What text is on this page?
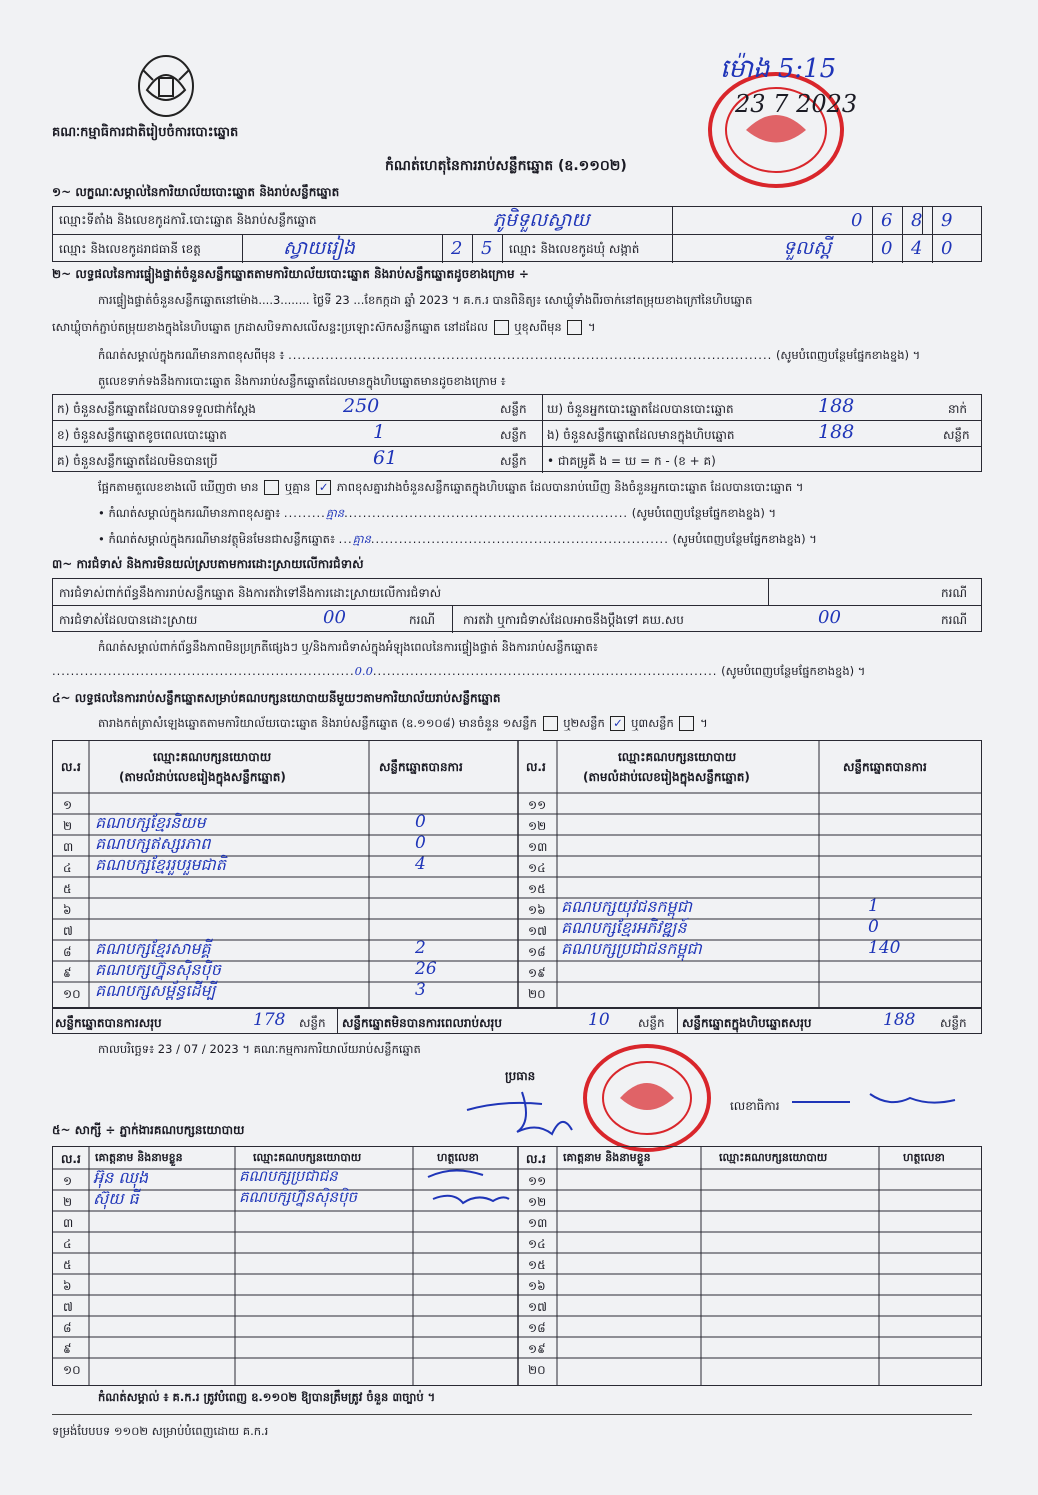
គណៈកម្មាធិការជាតិរៀបចំការបោះឆ្នោត
ម៉ោង 5:15
23 7 2023
កំណត់ហេតុនៃការរាប់សន្លឹកឆ្នោត (ឧ.១១០២)
១~ លក្ខណៈសម្គាល់នៃការិយាល័យបោះឆ្នោត និងរាប់សន្លឹកឆ្នោត
ឈ្មោះទីតាំង និងលេខកូដការិ.បោះឆ្នោត និងរាប់សន្លឹកឆ្នោត	ភូមិទួលស្វាយ	0 6 8 9
ឈ្មោះ និងលេខកូដរាជធានី ខេត្ត	ស្វាយរៀង	2 5 ឈ្មោះ និងលេខកូដឃុំ សង្កាត់	ទួលស្តី	0 4 0
២~ លទ្ធផលនៃការផ្ទៀងផ្ទាត់ចំនួនសន្លឹកឆ្នោតតាមការិយាល័យបោះឆ្នោត និងរាប់សន្លឹកឆ្នោតដូចខាងក្រោម ÷
ការផ្ទៀងផ្ទាត់ចំនួនសន្លឹកឆ្នោតនៅម៉ោង....3........ ថ្ងៃទី 23 ...ខែកក្កដា ឆ្នាំ 2023 ។ គ.ក.រ បានពិនិត្យ៖ សោឃ្លុំទាំងពីរចាក់នៅតម្រុយខាងក្រៅនៃហិបឆ្នោត
សោឃ្លុំចាក់ភ្ជាប់តម្រុយខាងក្នុងនៃហិបឆ្នោត ក្រដាសបិទភាសលើសន្ទះប្រឡោះស៊កសន្លឹកឆ្នោត នៅដដែល ឬខុសពីមុន  ។
កំណត់សម្គាល់ក្នុងករណីមានភាពខុសពីមុន ៖ ........................................................................................................ (សូមបំពេញបន្ថែមផ្នែកខាងខ្នង) ។
តួលេខទាក់ទងនឹងការបោះឆ្នោត និងការរាប់សន្លឹកឆ្នោតដែលមានក្នុងហិបឆ្នោតមានដូចខាងក្រោម ៖
ក) ចំនួនសន្លឹកឆ្នោតដែលបានទទួលជាក់ស្តែង	250	សន្លឹក ឃ) ចំនួនអ្នកបោះឆ្នោតដែលបានបោះឆ្នោត	188	នាក់
ខ) ចំនួនសន្លឹកឆ្នោតខូចពេលបោះឆ្នោត	1	សន្លឹក ង) ចំនួនសន្លឹកឆ្នោតដែលមានក្នុងហិបឆ្នោត	188	សន្លឹក
គ) ចំនួនសន្លឹកឆ្នោតដែលមិនបានប្រើ	61	សន្លឹក • ជាគម្រូគឺ ង = ឃ = ក - (ខ + គ)
ផ្អែកតាមតួលេខខាងលើ ឃើញថា មាន ឬគ្មាន ✓ ភាពខុសគ្នារវាងចំនួនសន្លឹកឆ្នោតក្នុងហិបឆ្នោត ដែលបានរាប់ឃើញ និងចំនួនអ្នកបោះឆ្នោត ដែលបានបោះឆ្នោត ។
• កំណត់សម្គាល់ក្នុងករណីមានភាពខុសគ្នា៖ .........គ្មាន............................................................. (សូមបំពេញបន្ថែមផ្នែកខាងខ្នង) ។
• កំណត់សម្គាល់ក្នុងករណីមានវត្ថុមិនមែនជាសន្លឹកឆ្នោត៖ ...គ្មាន................................................................ (សូមបំពេញបន្ថែមផ្នែកខាងខ្នង) ។
៣~ ការជំទាស់ និងការមិនយល់ស្របតាមការដោះស្រាយលើការជំទាស់
ការជំទាស់ពាក់ព័ន្ធនឹងការរាប់សន្លឹកឆ្នោត និងការតវ៉ាទៅនឹងការដោះស្រាយលើការជំទាស់	ករណី
ការជំទាស់ដែលបានដោះស្រាយ	00	ករណី ការតវ៉ា ឬការជំទាស់ដែលអាចនឹងប្តឹងទៅ គឃ.សប	00	ករណី
កំណត់សម្គាល់ពាក់ព័ន្ធនឹងភាពមិនប្រក្រតីផ្សេងៗ ឬ/និងការជំទាស់ក្នុងអំឡុងពេលនៃការផ្ទៀងផ្ទាត់ និងការរាប់សន្លឹកឆ្នោត៖
.................................................................0.0.......................................................................... (សូមបំពេញបន្ថែមផ្នែកខាងខ្នង) ។
៤~ លទ្ធផលនៃការរាប់សន្លឹកឆ្នោតសម្រាប់គណបក្សនយោបាយនីមួយៗតាមការិយាល័យរាប់សន្លឹកឆ្នោត
តារាងកត់ត្រាសំឡេងឆ្នោតតាមការិយាល័យបោះឆ្នោត និងរាប់សន្លឹកឆ្នោត (ឧ.១១០៨) មានចំនួន ១សន្លឹក ឬ២សន្លឹក ✓ ឬ៣សន្លឹក  ។
ល.រ
ឈ្មោះគណបក្សនយោបាយ
(តាមលំដាប់លេខរៀងក្នុងសន្លឹកឆ្នោត)
សន្លឹកឆ្នោតបានការ	ល.រ
ឈ្មោះគណបក្សនយោបាយ
(តាមលំដាប់លេខរៀងក្នុងសន្លឹកឆ្នោត)
សន្លឹកឆ្នោតបានការ
១
២ គណបក្សខ្មែរនិយម	0
៣ គណបក្សឥស្សរភាព	0
៤ គណបក្សខ្មែររួបរួមជាតិ	4
៥
៦
៧
៨ គណបក្សខ្មែរសាមគ្គី	2
៩ គណបក្សហ្វ៊ុនស៊ិនប៉ិច	26
១០ គណបក្សសម្ព័ន្ធដើម្បី	3
១១
១២
១៣
១៤
១៥
១៦ គណបក្សយុវជនកម្ពុជា	1
១៧ គណបក្សខ្មែរអភិវឌ្ឍន៍	0
១៨ គណបក្សប្រជាជនកម្ពុជា	140
១៩
២០
សន្លឹកឆ្នោតបានការសរុប	178 សន្លឹក សន្លឹកឆ្នោតមិនបានការពេលរាប់សរុប	10 សន្លឹក សន្លឹកឆ្នោតក្នុងហិបឆ្នោតសរុប	188 សន្លឹក
កាលបរិច្ឆេទ៖ 23 / 07 / 2023 ។ គណៈកម្មការការិយាល័យរាប់សន្លឹកឆ្នោត
ប្រធាន
លេខាធិការ
៥~ សាក្សី ÷ ភ្នាក់ងារគណបក្សនយោបាយ
ល.រ គោត្តនាម និងនាមខ្លួន	ឈ្មោះគណបក្សនយោបាយ	ហត្ថលេខា	ល.រ គោត្តនាម និងនាមខ្លួន	ឈ្មោះគណបក្សនយោបាយ	ហត្ថលេខា
១ អ៊ុន ឈុង	គណបក្សប្រជាជន
២ ស៊ុយ ធី	គណបក្សហ្វ៊ុនស៊ិនប៉ិច
៣
៤
៥
៦
៧
៨
៩
១០
១១
១២
១៣
១៤
១៥
១៦
១៧
១៨
១៩
២០
កំណត់សម្គាល់ ៖ គ.ក.រ ត្រូវបំពេញ ឧ.១១០២ ឱ្យបានត្រឹមត្រូវ ចំនួន ៣ច្បាប់ ។
ទម្រង់បែបបទ ១១០២ សម្រាប់បំពេញដោយ គ.ក.រ
